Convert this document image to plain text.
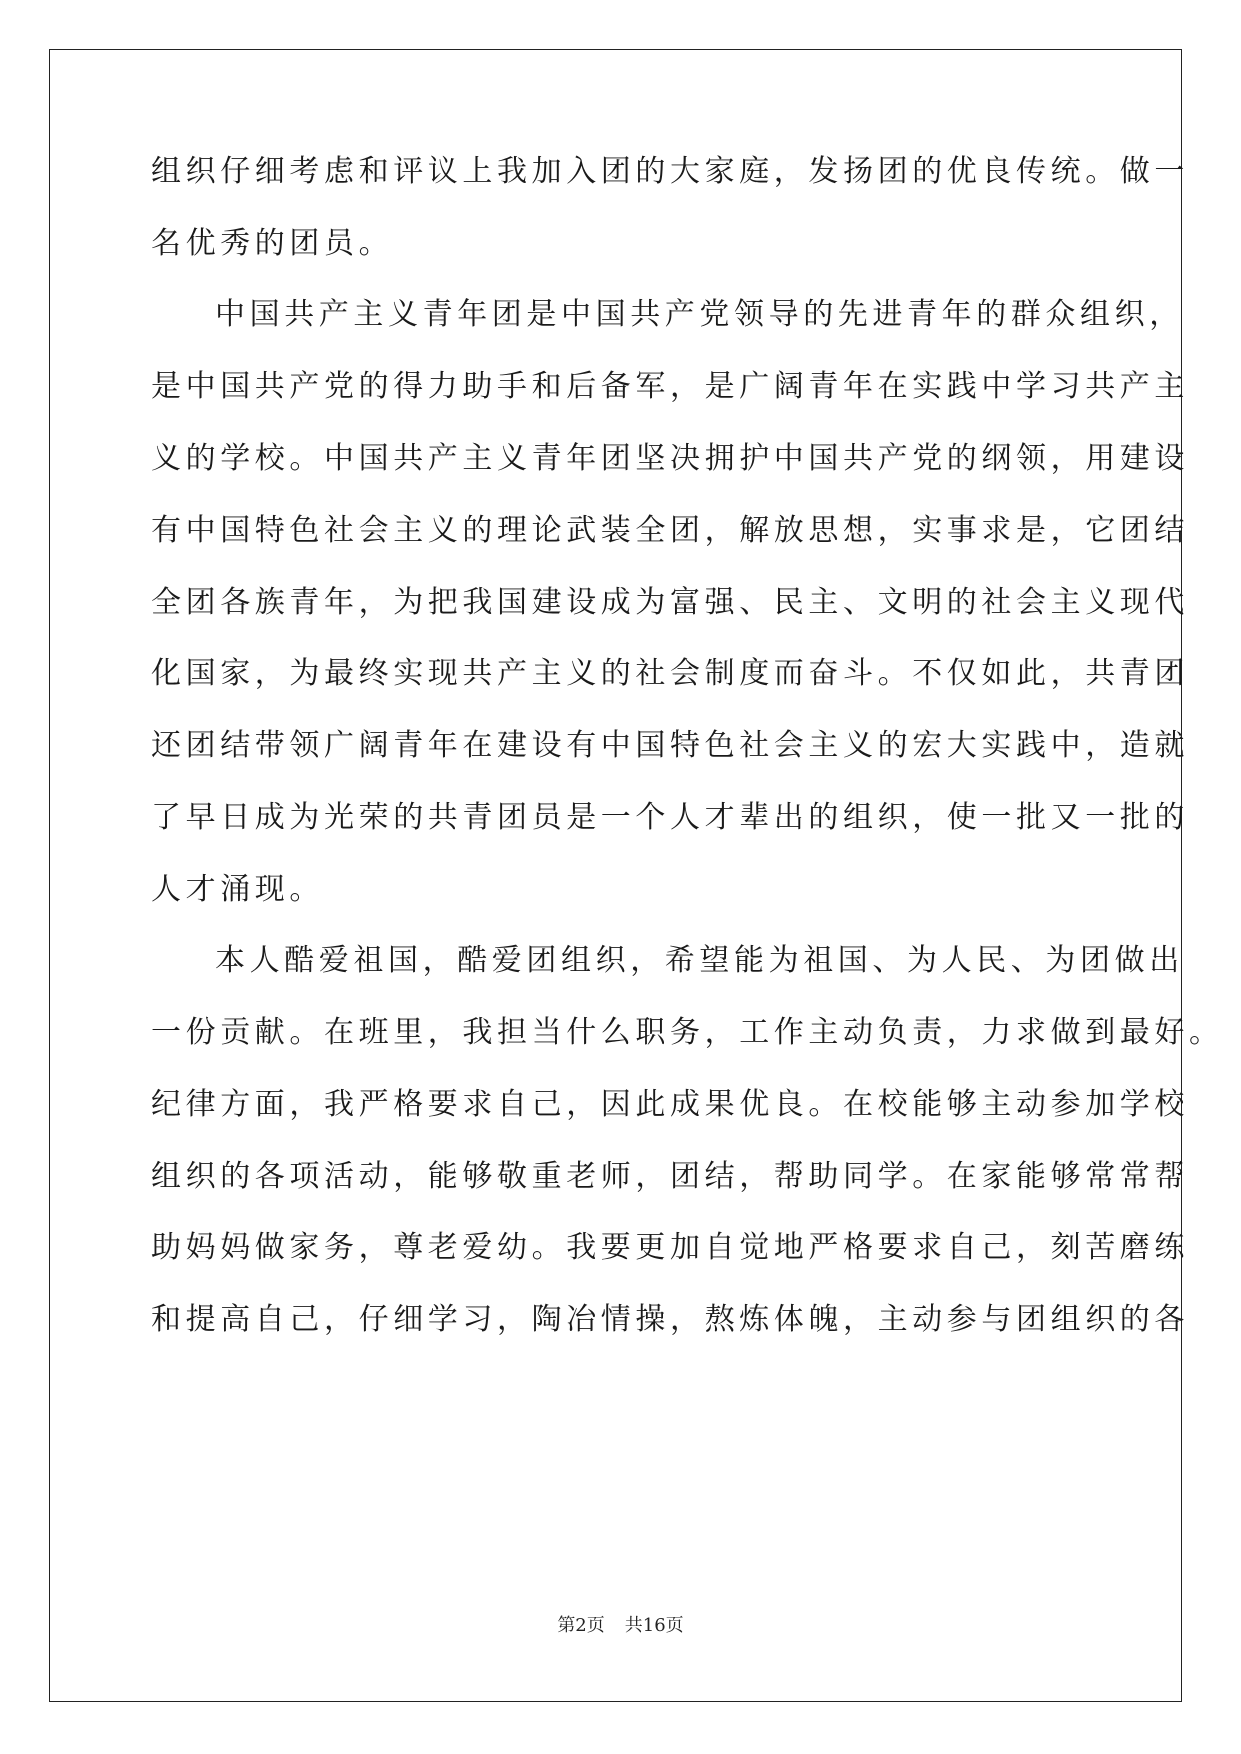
组织仔细考虑和评议上我加入团的大家庭，发扬团的优良传统。做一
名优秀的团员。
中国共产主义青年团是中国共产党领导的先进青年的群众组织，
是中国共产党的得力助手和后备军，是广阔青年在实践中学习共产主
义的学校。中国共产主义青年团坚决拥护中国共产党的纲领，用建设
有中国特色社会主义的理论武装全团，解放思想，实事求是，它团结
全团各族青年，为把我国建设成为富强、民主、文明的社会主义现代
化国家，为最终实现共产主义的社会制度而奋斗。不仅如此，共青团
还团结带领广阔青年在建设有中国特色社会主义的宏大实践中，造就
了早日成为光荣的共青团员是一个人才辈出的组织，使一批又一批的
人才涌现。
本人酷爱祖国，酷爱团组织，希望能为祖国、为人民、为团做出
一份贡献。在班里，我担当什么职务，工作主动负责，力求做到最好。
纪律方面，我严格要求自己，因此成果优良。在校能够主动参加学校
组织的各项活动，能够敬重老师，团结，帮助同学。在家能够常常帮
助妈妈做家务，尊老爱幼。我要更加自觉地严格要求自己，刻苦磨练
和提高自己，仔细学习，陶冶情操，熬炼体魄，主动参与团组织的各
第2页 共16页
